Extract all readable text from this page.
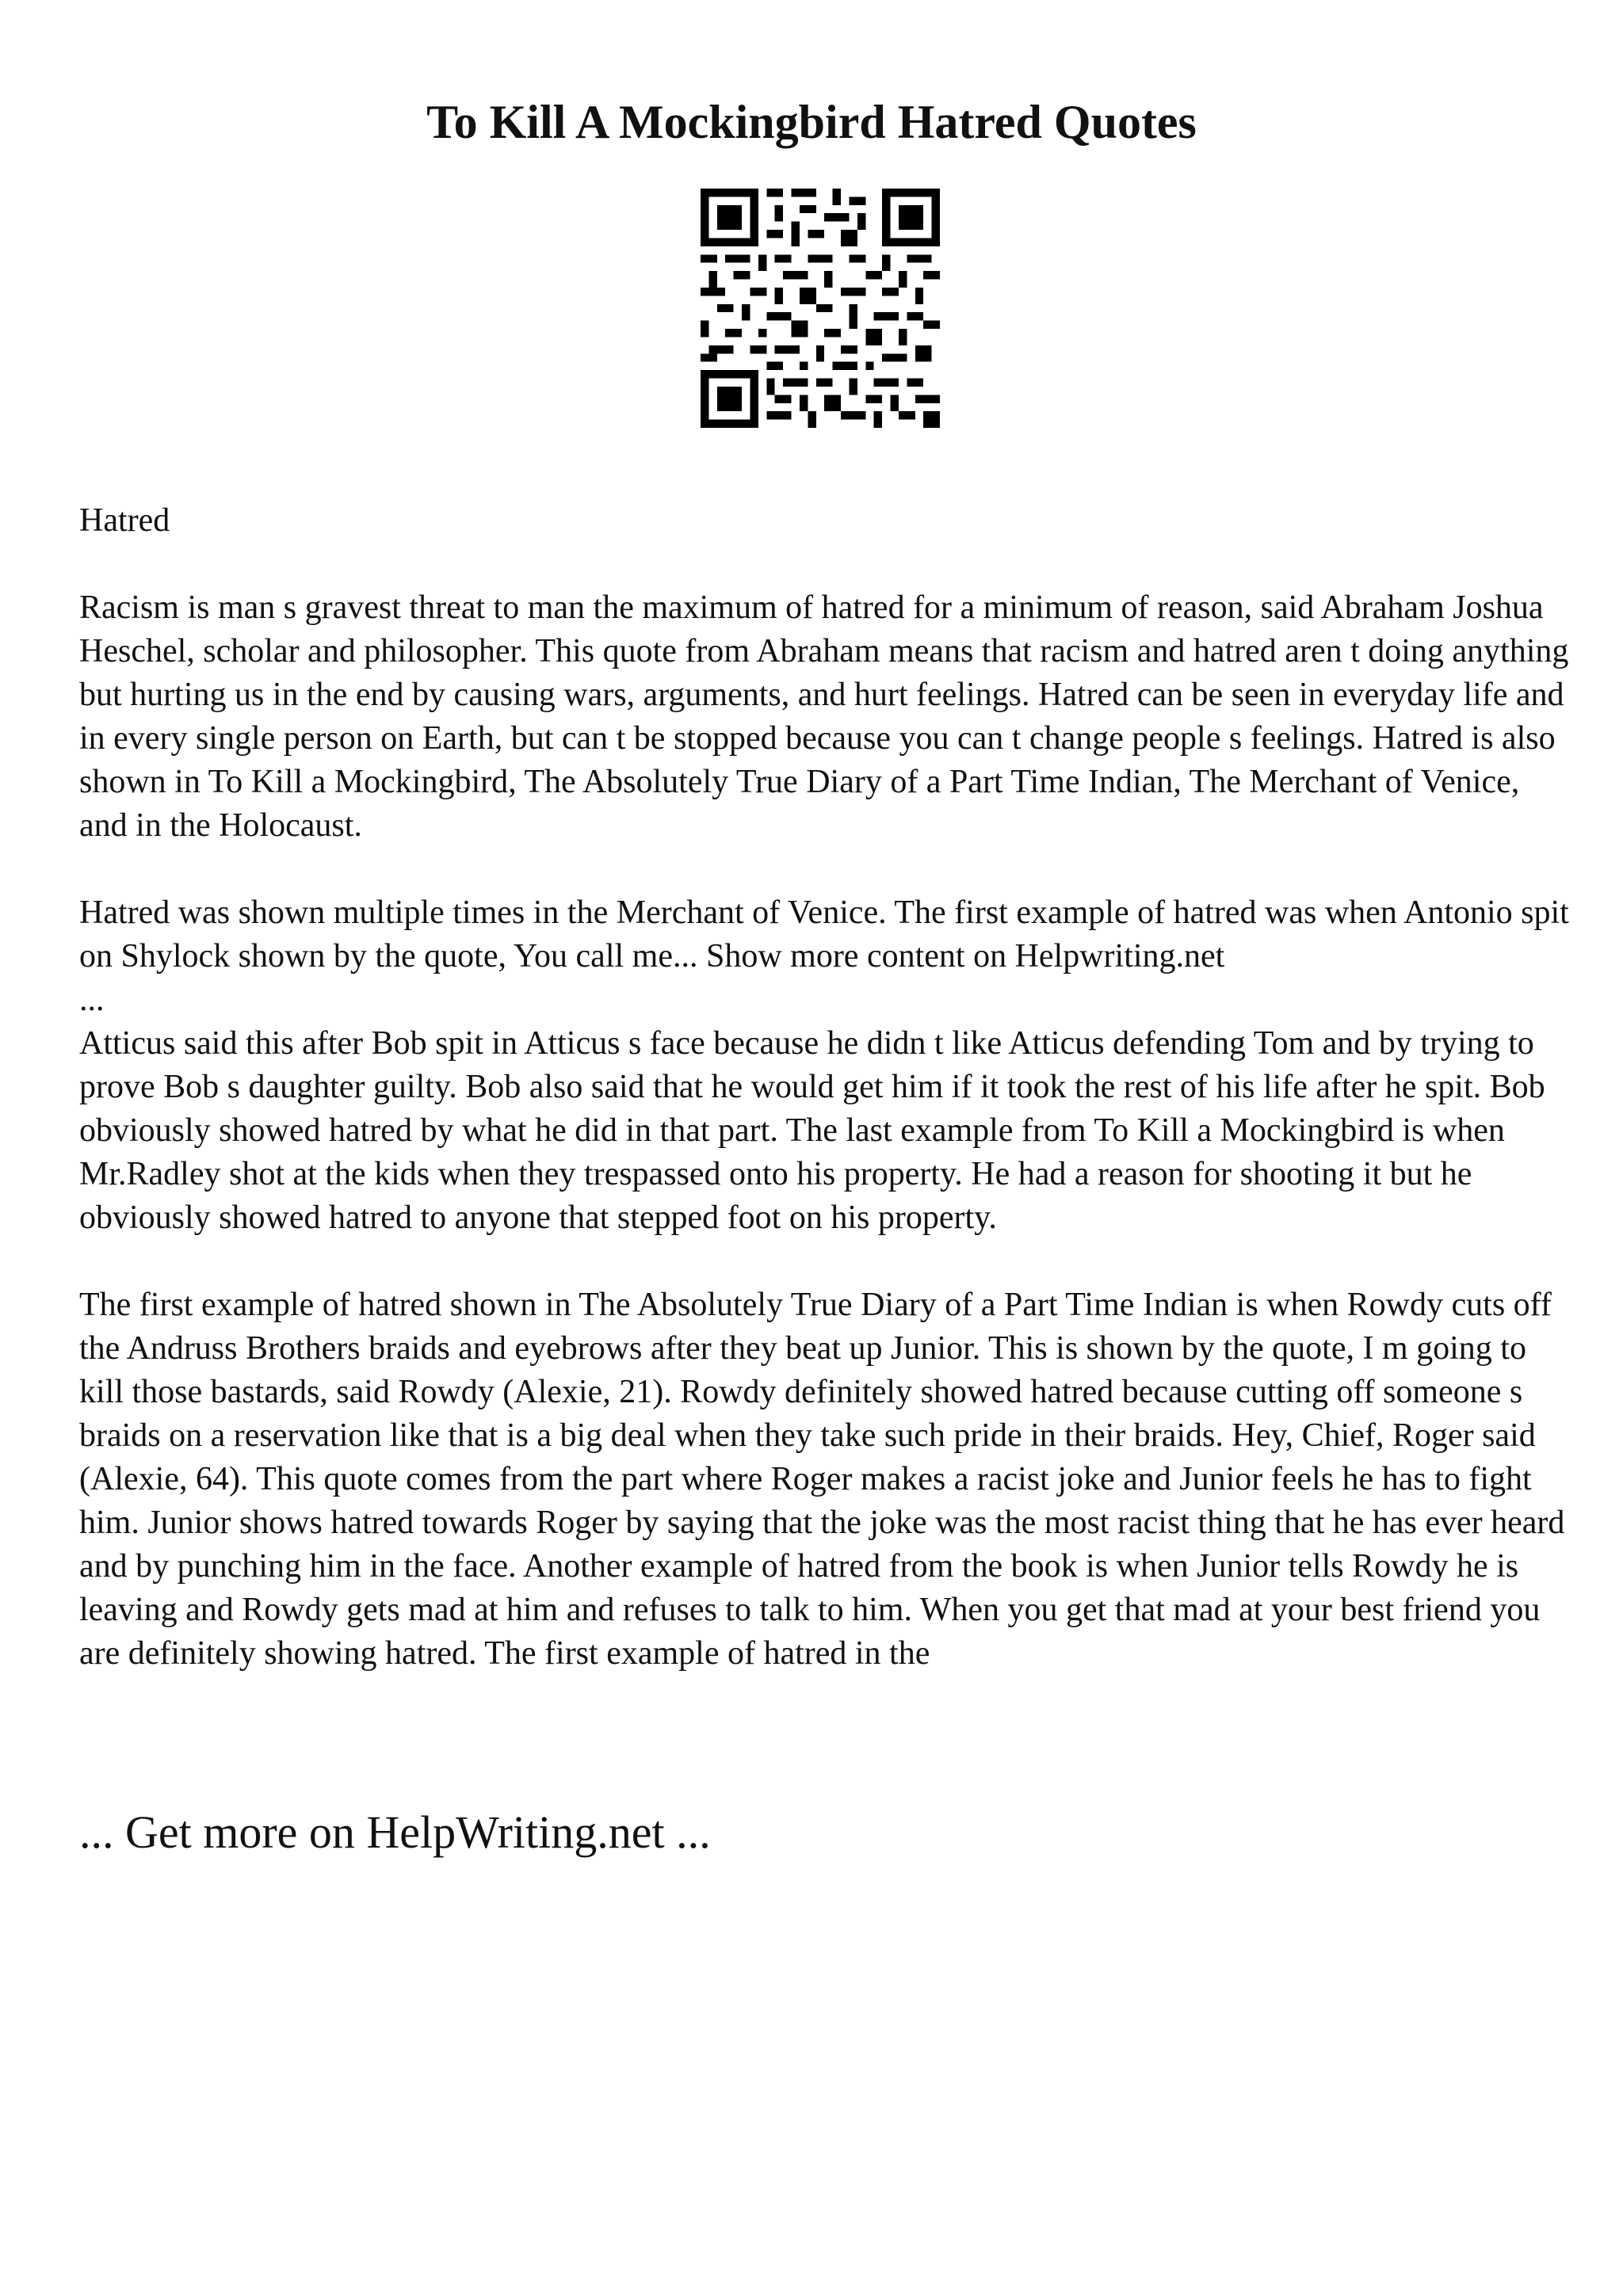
To Kill A Mockingbird Hatred Quotes

Hatred

Racism is man s gravest threat to man the maximum of hatred for a minimum of reason, said Abraham Joshua Heschel, scholar and philosopher. This quote from Abraham means that racism and hatred aren t doing anything but hurting us in the end by causing wars, arguments, and hurt feelings. Hatred can be seen in everyday life and in every single person on Earth, but can t be stopped because you can t change people s feelings. Hatred is also shown in To Kill a Mockingbird, The Absolutely True Diary of a Part Time Indian, The Merchant of Venice, and in the Holocaust.

Hatred was shown multiple times in the Merchant of Venice. The first example of hatred was when Antonio spit on Shylock shown by the quote, You call me... Show more content on Helpwriting.net

...

Atticus said this after Bob spit in Atticus s face because he didn t like Atticus defending Tom and by trying to prove Bob s daughter guilty. Bob also said that he would get him if it took the rest of his life after he spit. Bob obviously showed hatred by what he did in that part. The last example from To Kill a Mockingbird is when Mr.Radley shot at the kids when they trespassed onto his property. He had a reason for shooting it but he obviously showed hatred to anyone that stepped foot on his property.

The first example of hatred shown in The Absolutely True Diary of a Part Time Indian is when Rowdy cuts off the Andruss Brothers braids and eyebrows after they beat up Junior. This is shown by the quote, I m going to kill those bastards, said Rowdy (Alexie, 21). Rowdy definitely showed hatred because cutting off someone s braids on a reservation like that is a big deal when they take such pride in their braids. Hey, Chief, Roger said (Alexie, 64). This quote comes from the part where Roger makes a racist joke and Junior feels he has to fight him. Junior shows hatred towards Roger by saying that the joke was the most racist thing that he has ever heard and by punching him in the face. Another example of hatred from the book is when Junior tells Rowdy he is leaving and Rowdy gets mad at him and refuses to talk to him. When you get that mad at your best friend you are definitely showing hatred. The first example of hatred in the

... Get more on HelpWriting.net ...
